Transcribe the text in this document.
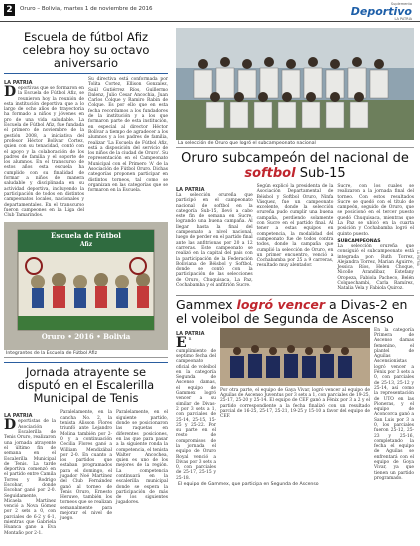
2	Oruro – Bolivia, martes 1 de noviembre de 2016
Suplemento
Deportivo
LA PATRIA
Escuela de fútbol Afiz celebra hoy su octavo aniversario
LA PATRIA
Deportivas que se formaron en la Escuela de Fútbol Afiz, se reunieron hoy la reunión de esta institución deportiva que a lo largo de ocho años de trayectoria ha formado a niños y jóvenes en pro de una vida saludable. La Escuela de Fútbol Afiz, fue fundada el primero de noviembre de la gestión 2008, a iniciativa del profesor Héctor Bolívar Cortez, quien con su tenacidad, contó con el apoyo y la colaboración de los padres de familia y el soporte de los alumnos. En el transcurso de estos años esta escuela ha cumplido con su finalidad de formar a niños de manera saludable y disciplinada en su actividad deportiva, incluyendo la participación de todos en distintos campeonatos locales, nacionales y departamentales. En el transcurso fueron campeones en la Liga del Club Tamarindos.
Su directiva está conformada por Tolita Cortez, Ellison Gonzalez, Saúl Gutiérrez Ríos, Guillermo Dalenz, Julio Cesar Ancochia, Juan Carlos Colque y Ramiro Rabin de Colque. Es por ello que en esta fecha recordamos a los fundadores de la institución y a los que formaron parte de esta institución, en especial al director Héctor Bolívar a tiempo de agradecer a los alumnos y a los padres de familia, realizar 'La Escuela de Fútbol Afiz, está a disposición del servicio de los niños de la ciudad de Oruro'. Su representación en el Campeonato Municipal con el Primero 'A' de la Asociación de Fútbol Oruro. Dichas categorías proponen participar en distintos torneos, tal como se organizan en las categorías que se formaron en la Escuela.
Escuela de Fútbol
Afiz
Oruro • 2016 • Bolivia
Integrantes de la Escuela de Fútbol Afiz
Jornada atrayente se disputó en el Escalerilla Municipal de Tenis
LA PATRIA
Deportistas de la Asociación Escalerilla de Tenis Oruro, realizaron una jornada atrayente el último fin de semana en el Escalerilla Municipal de Tenis. La tarde deportiva comenzó en el partido entre Camila Torres y Rodrigo Escobar, donde Escobar ganó por 2-0. Seguidamente, Micaela Martínez venció a Nova Gómez por 2 sets a 0, con parciales de 6-2 y 6-1, mientras que Gabriela Huanca gano a Eva Montaño por 2-1.
Paralelamente, en la cancha No. 2, la tenista Alisson Flores triunfó ante Lejandro Molina también por 2-0 y a continuación Cecilia Flores ganó a William Mendizábal por 2-0. En cuanto a los partidos que estaban programados para el domingo, el jugador Noé Martínez del Club Fernández ganó al torneo de Tenis Oruro, Ernesto Heruwe, también los torneos que se realizan semanalmente para mejorar el nivel de juego.
Paralelamente, en el siguiente partido, donde se posicionaron las raquetas en diferentes posiciones, en las que para pasar a la siguiente ronda la competencia, el tenista Walter Ancochea, quien es uno de los mejores de la región. La competencia continuará en la escalerilla municipal donde se espera la participación de más de los siguientes jugadores.
La selección de Oruro que logró el subcampeonato nacional
Oruro subcampeón del nacional de softbol Sub-15
LA PATRIA
La selección orureña que participó en el campeonato nacional de softbol en la categoría Sub-15, llevó a cabo este fin de semana en Sucre, logrando una buena campaña. Al llegar hasta la final del campeonato a nivel nacional, luego de perder en el partido final ante las anfitrionas por 20 a 12 carreras. Este campeonato se realizó en la capital del país con la participación de la Federación Boliviana de Béisbol y Softbol, donde se contó con la participación de las selecciones de Oruro, Chuquisaca, La Paz, Cochabamba y el anfitrión Sucre.
Según explicó la presidenta de la Asociación Departamental de Béisbol y Softbol Oruro, Ninfa Vásquez, fue un campeonato excelente, donde la selección orureña pudo cumplir una buena campaña, perdiendo solamente con Sucre en el partido final. Al tener a estas equipos en competencia, la modalidad del campeonato fue de todos contra todos, donde la campaña que cumplió la selección de Oruro, en un primer encuentro, venció a Cochabamba por 25 a 9 carreras, resultado muy alentador.
Sucre, con los cuales se realizaron a la jornada final del torneo. Con estos resultados Sucre se quedó con el título de campeón, seguido de Oruro, que se posicionó en el tercer puesto quedó Chuquisaca, mientras que La Paz se ubicó en la cuarta posición y Cochabamba logró el quinto puesto.
SUBCAMPEONAS
La selección orureña que consiguió el subcampeonato está integrada por: Ruth Torrez, Alejandra Torrez, Marian Aguirre, Jessica Ríos, Helen Choque, Nicolle Arandibar, Estefany Oropeza, Fabiola Pacheco, Belén Colquechambi, Carla Ramírez, Natalia Vela y Fabiola Quiroz.
Gammex logró vencer a Divas-2 en el voleibol de Segunda de Ascenso
LA PATRIA
En cumplimiento de septimo fecha del campeonato oficial de voleibol en la categoría Segunda de Ascenso damas, el equipo de Gammex logró vencer a su similar de Divas-2 por 3 sets a 1, con parciales de 25-14, 25-15, 15-25 y 25-22. Por su parte en el resto de compromisos de la jornada el equipo de Oruro Royal venció a Divas por 3 sets a 0, con parciales de 25-17, 25-15 y 25-18.
Por otra parte, el equipo de Gaya Vivar, logró vencer al equipo de Aguilas de Ascenso Juventus por 3 sets a 1, con parciales de 19-25, 25-17, 25-20 y 25-14. El equipo de CEF ganó a Fénix por 3 a 2 y el partido correspondiente a la fecha finalizó con un resultado parcial de 16-25, 25-17, 25-21, 19-25 y 15-10 a favor del equipo de CEF.
En la categoría Primera de Ascenso damas femenino, el plantel de Aguilas Ascensionistas logró vencer a Fénix por 3 sets a 0, con parciales de 25-13, 25-12 y 25-14, así como la representación de UTO en las Pioneras, y el equipo de Aconcorca ganó a San Luis por 3 a 0, los parciales fueron 25-12, 25-23 y 25-16, completando la fecha el equipo de Aguilas se enfrentará con el equipo de Goya Vivar, ya que tienen un partido programado.
El equipo de Gammex, que participa en Segunda de Ascenso
LA PATRIA
